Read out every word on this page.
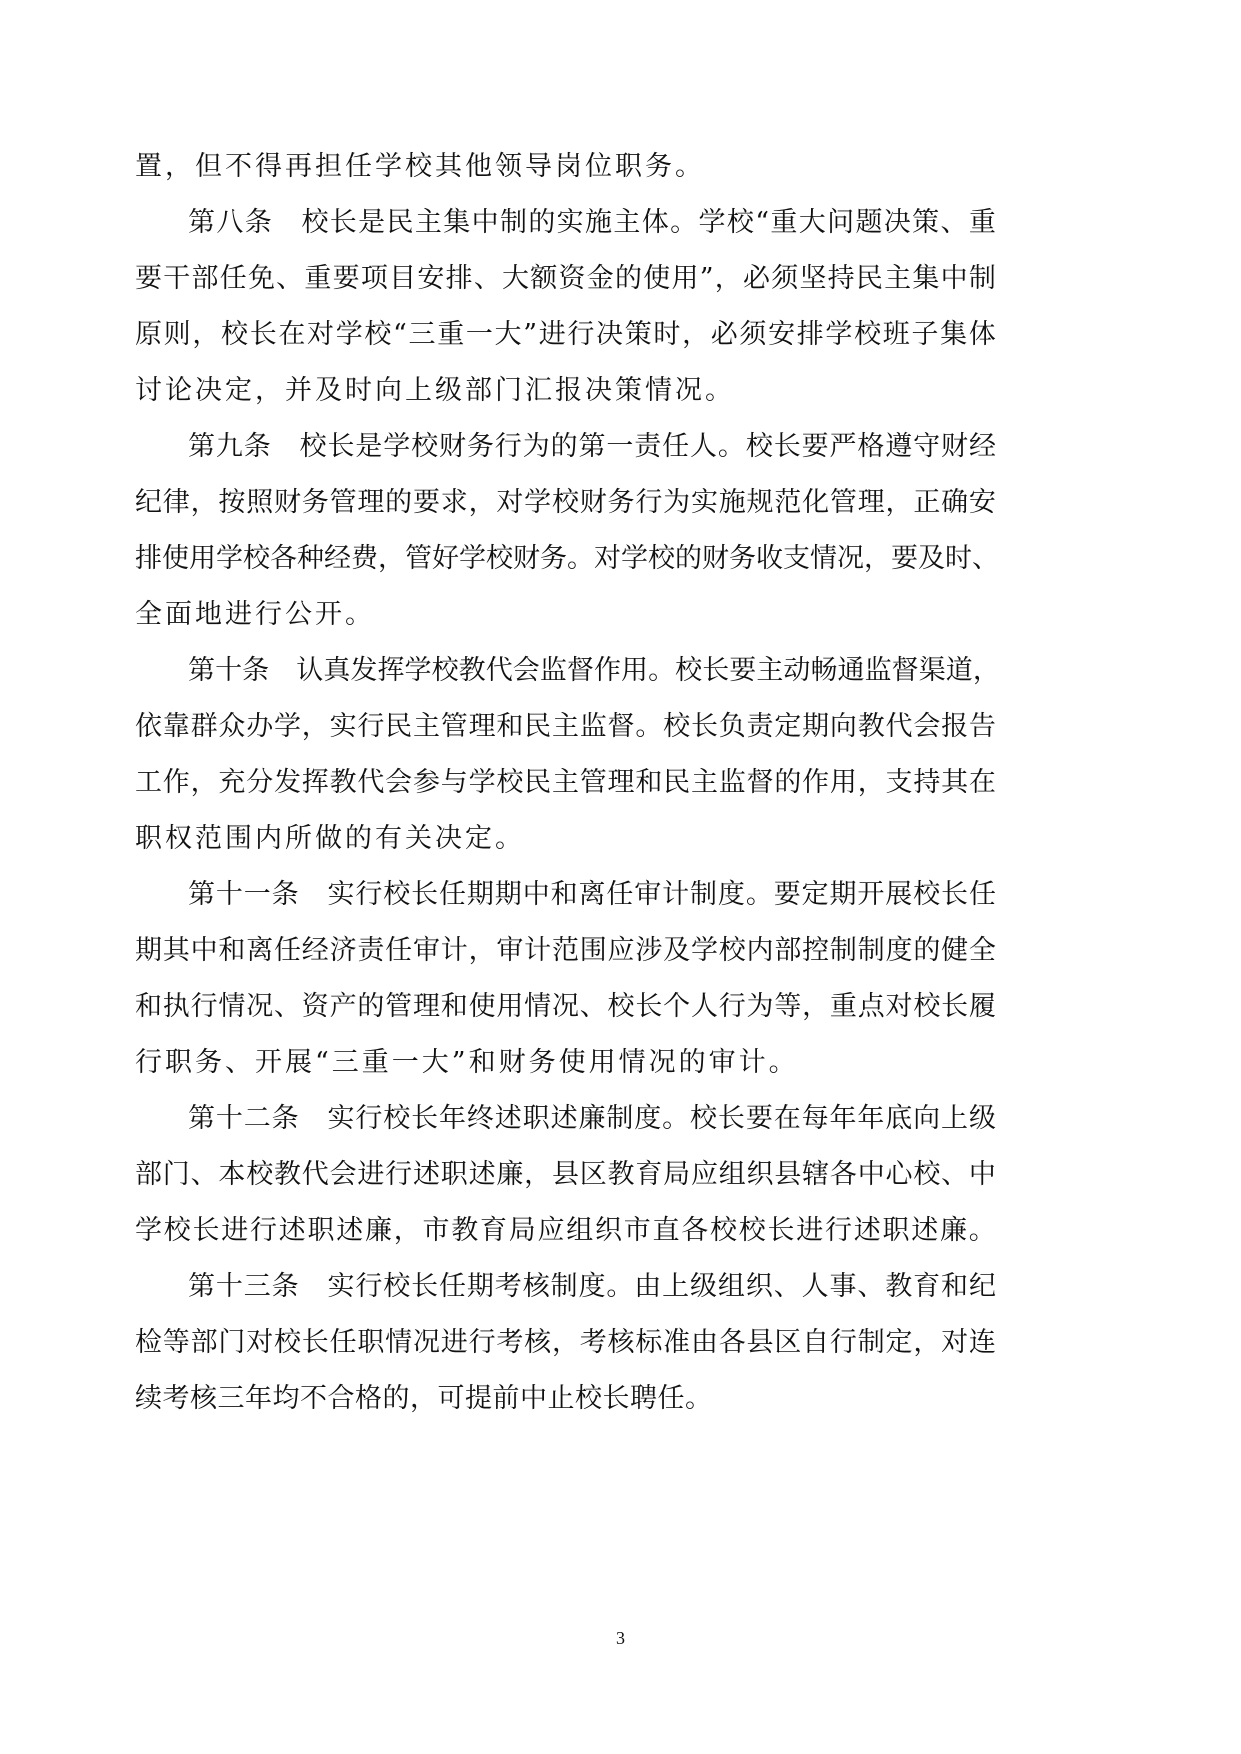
置，但不得再担任学校其他领导岗位职务。
第 八 条
　 校 长 是 民 主 集 中 制 的 实 施 主 体 。 学 校 “ 重 大 问 题 决 策 、 重
要 干 部 任 免 、 重 要 项 目 安 排 、 大 额 资 金 的 使 用 ” ， 必 须 坚 持 民 主 集 中 制
原 则 ， 校 长 在 对 学 校 “ 三 重 一 大 ” 进 行 决 策 时 ， 必 须 安 排 学 校 班 子 集 体
讨论决定，并及时向上级部门汇报决策情况。
第 九 条
　 校 长 是 学 校 财 务 行 为 的 第 一 责 任 人 。 校 长 要 严 格 遵 守 财 经
纪 律 ， 按 照 财 务 管 理 的 要 求 ， 对 学 校 财 务 行 为 实 施 规 范 化 管 理 ， 正 确 安
排 使 用 学 校 各 种 经 费 ， 管 好 学 校 财 务 。 对 学 校 的 财 务 收 支 情 况 ， 要 及 时 、
全面地进行公开。
第 十 条
　 认 真 发 挥 学 校 教 代 会 监 督 作 用 。 校 长 要 主 动 畅 通 监 督 渠 道 ，
依 靠 群 众 办 学 ， 实 行 民 主 管 理 和 民 主 监 督 。 校 长 负 责 定 期 向 教 代 会 报 告
工 作 ， 充 分 发 挥 教 代 会 参 与 学 校 民 主 管 理 和 民 主 监 督 的 作 用 ， 支 持 其 在
职权范围内所做的有关决定。
第 十 一 条
　 实 行 校 长 任 期 期 中 和 离 任 审 计 制 度 。 要 定 期 开 展 校 长 任
期 其 中 和 离 任 经 济 责 任 审 计 ， 审 计 范 围 应 涉 及 学 校 内 部 控 制 制 度 的 健 全
和 执 行 情 况 、 资 产 的 管 理 和 使 用 情 况 、 校 长 个 人 行 为 等 ， 重 点 对 校 长 履
行职务、开展“三重一大”和财务使用情况的审计。
第 十 二 条
　 实 行 校 长 年 终 述 职 述 廉 制 度 。 校 长 要 在 每 年 年 底 向 上 级
部 门 、 本 校 教 代 会 进 行 述 职 述 廉 ， 县 区 教 育 局 应 组 织 县 辖 各 中 心 校 、 中
学 校 长 进 行 述 职 述 廉 ， 市 教 育 局 应 组 织 市 直 各 校 校 长 进 行 述 职 述 廉 。
第 十 三 条
　 实 行 校 长 任 期 考 核 制 度 。 由 上 级 组 织 、 人 事 、 教 育 和 纪
检 等 部 门 对 校 长 任 职 情 况 进 行 考 核 ， 考 核 标 准 由 各 县 区 自 行 制 定 ， 对 连
续 考 核 三 年 均 不 合 格 的 ， 可 提 前 中 止 校 长 聘 任 。
3
